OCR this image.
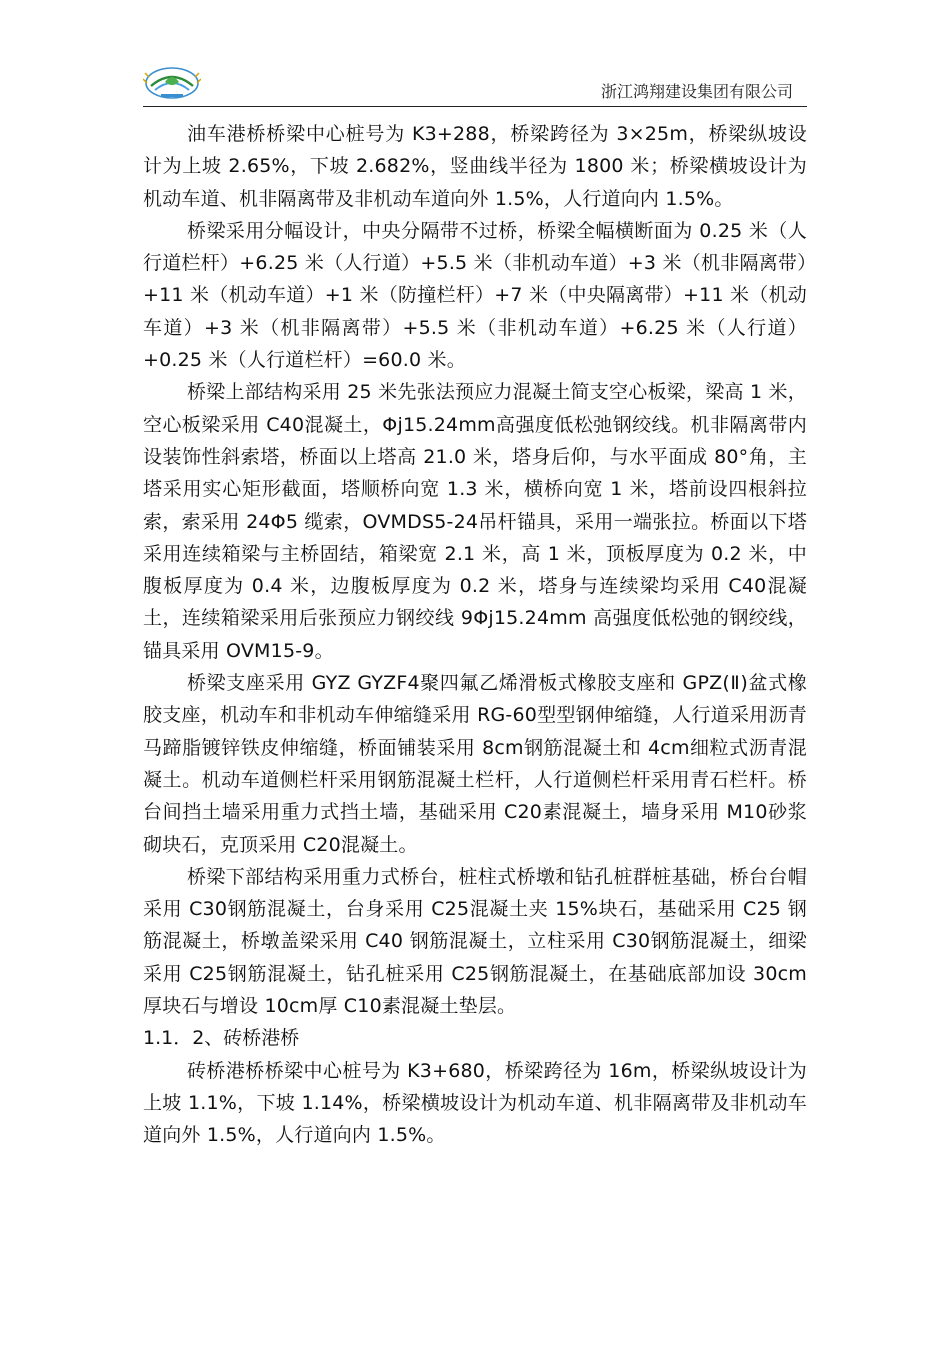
浙江鸿翔建设集团有限公司

油车港桥桥梁中心桩号为 K3+288，桥梁跨径为 3×25m，桥梁纵坡设计为上坡 2.65%，下坡 2.682%，竖曲线半径为 1800 米；桥梁横坡设计为机动车道、机非隔离带及非机动车道向外 1.5%，人行道向内 1.5%。

桥梁采用分幅设计，中央分隔带不过桥，桥梁全幅横断面为 0.25 米（人行道栏杆）+6.25 米（人行道）+5.5 米（非机动车道）+3 米（机非隔离带）+11 米（机动车道）+1 米（防撞栏杆）+7 米（中央隔离带）+11 米（机动车道）+3 米（机非隔离带）+5.5 米（非机动车道）+6.25 米（人行道）+0.25 米（人行道栏杆）=60.0 米。

桥梁上部结构采用 25 米先张法预应力混凝土简支空心板梁，梁高 1 米，空心板梁采用 C40混凝土，Φj15.24mm高强度低松弛钢绞线。机非隔离带内设装饰性斜索塔，桥面以上塔高 21.0 米，塔身后仰，与水平面成 80°角，主塔采用实心矩形截面，塔顺桥向宽 1.3 米，横桥向宽 1 米，塔前设四根斜拉索，索采用 24Φ5 缆索，OVMDS5-24吊杆锚具，采用一端张拉。桥面以下塔采用连续箱梁与主桥固结，箱梁宽 2.1 米，高 1 米，顶板厚度为 0.2 米，中腹板厚度为 0.4 米，边腹板厚度为 0.2 米，塔身与连续梁均采用 C40混凝土，连续箱梁采用后张预应力钢绞线 9Φj15.24mm 高强度低松弛的钢绞线，锚具采用 OVM15-9。

桥梁支座采用 GYZ GYZF4聚四氟乙烯滑板式橡胶支座和 GPZ(Ⅱ)盆式橡胶支座，机动车和非机动车伸缩缝采用 RG-60型型钢伸缩缝，人行道采用沥青马蹄脂镀锌铁皮伸缩缝，桥面铺装采用 8cm钢筋混凝土和 4cm细粒式沥青混凝土。机动车道侧栏杆采用钢筋混凝土栏杆，人行道侧栏杆采用青石栏杆。桥台间挡土墙采用重力式挡土墙，基础采用 C20素混凝土，墙身采用 M10砂浆砌块石，克顶采用 C20混凝土。

桥梁下部结构采用重力式桥台，桩柱式桥墩和钻孔桩群桩基础，桥台台帽采用 C30钢筋混凝土，台身采用 C25混凝土夹 15%块石，基础采用 C25 钢筋混凝土，桥墩盖梁采用 C40 钢筋混凝土，立柱采用 C30钢筋混凝土，细梁采用 C25钢筋混凝土，钻孔桩采用 C25钢筋混凝土，在基础底部加设 30cm厚块石与增设 10cm厚 C10素混凝土垫层。

1.1．2、砖桥港桥

砖桥港桥桥梁中心桩号为 K3+680，桥梁跨径为 16m，桥梁纵坡设计为上坡 1.1%，下坡 1.14%，桥梁横坡设计为机动车道、机非隔离带及非机动车道向外 1.5%，人行道向内 1.5%。
